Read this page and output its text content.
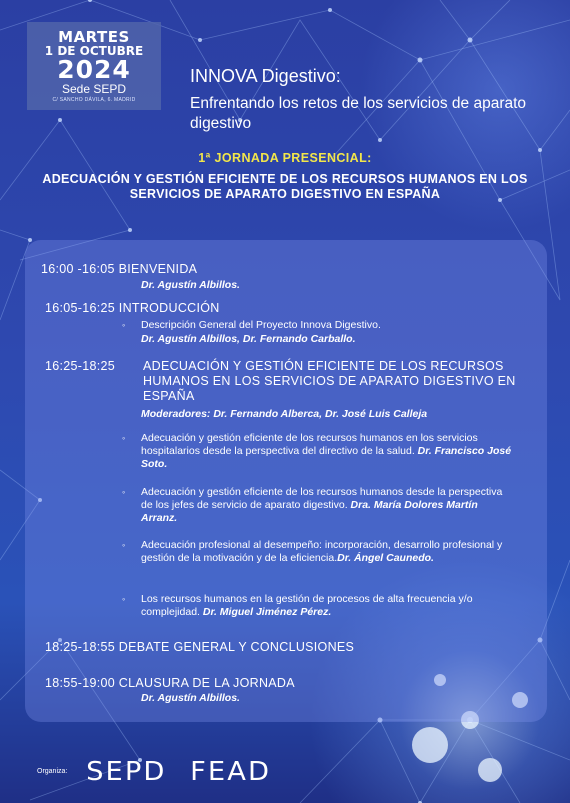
MARTES
1 DE OCTUBRE
2024
Sede SEPD
C/ SANCHO DÁVILA, 6. MADRID
INNOVA Digestivo:
Enfrentando los retos de los servicios de aparato digestivo
1ª JORNADA PRESENCIAL:
ADECUACIÓN Y GESTIÓN EFICIENTE DE LOS RECURSOS HUMANOS EN LOS SERVICIOS DE APARATO DIGESTIVO EN ESPAÑA
16:00 -16:05 BIENVENIDA
Dr. Agustín Albillos.
16:05-16:25 INTRODUCCIÓN
◦ Descripción General del Proyecto Innova Digestivo.
Dr. Agustín Albillos, Dr. Fernando Carballo.
16:25-18:25 ADECUACIÓN Y GESTIÓN EFICIENTE DE LOS RECURSOS HUMANOS EN LOS SERVICIOS DE APARATO DIGESTIVO EN ESPAÑA
Moderadores: Dr. Fernando Alberca, Dr. José Luis Calleja
◦ Adecuación y gestión eficiente de los recursos humanos en los servicios hospitalarios desde la perspectiva del directivo de la salud. Dr. Francisco José Soto.
◦ Adecuación y gestión eficiente de los recursos humanos desde la perspectiva de los jefes de servicio de aparato digestivo. Dra. María Dolores Martín Arranz.
◦ Adecuación profesional al desempeño: incorporación, desarrollo profesional y gestión de la motivación y de la eficiencia.Dr. Ángel Caunedo.
◦ Los recursos humanos en la gestión de procesos de alta frecuencia y/o complejidad. Dr. Miguel Jiménez Pérez.
18:25-18:55 DEBATE GENERAL Y CONCLUSIONES
18:55-19:00 CLAUSURA DE LA JORNADA
Dr. Agustín Albillos.
Organiza: SEPD FEAD
